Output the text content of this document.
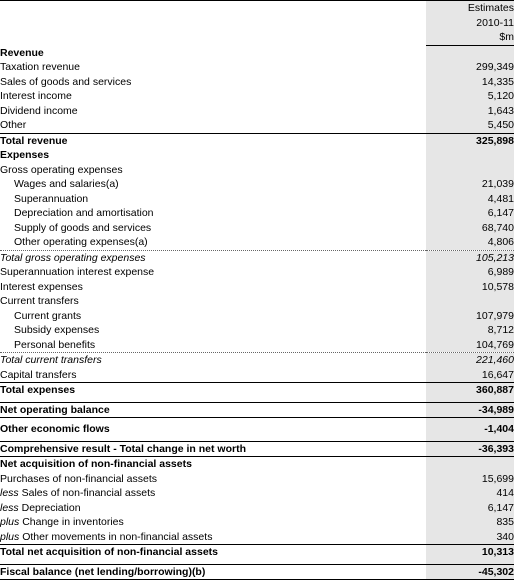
	Estimates
	2010-11
	$m
Revenue	
Taxation revenue	299,349
Sales of goods and services	14,335
Interest income	5,120
Dividend income	1,643
Other	5,450
Total revenue	325,898
Expenses	
Gross operating expenses	
Wages and salaries(a)	21,039
Superannuation	4,481
Depreciation and amortisation	6,147
Supply of goods and services	68,740
Other operating expenses(a)	4,806
Total gross operating expenses	105,213
Superannuation interest expense	6,989
Interest expenses	10,578
Current transfers	
Current grants	107,979
Subsidy expenses	8,712
Personal benefits	104,769
Total current transfers	221,460
Capital transfers	16,647
Total expenses	360,887

Net operating balance	-34,989

Other economic flows	-1,404

Comprehensive result - Total change in net worth	-36,393
Net acquisition of non-financial assets	
Purchases of non-financial assets	15,699
less Sales of non-financial assets	414
less Depreciation	6,147
plus Change in inventories	835
plus Other movements in non-financial assets	340
Total net acquisition of non-financial assets	10,313

Fiscal balance (net lending/borrowing)(b)	-45,302
